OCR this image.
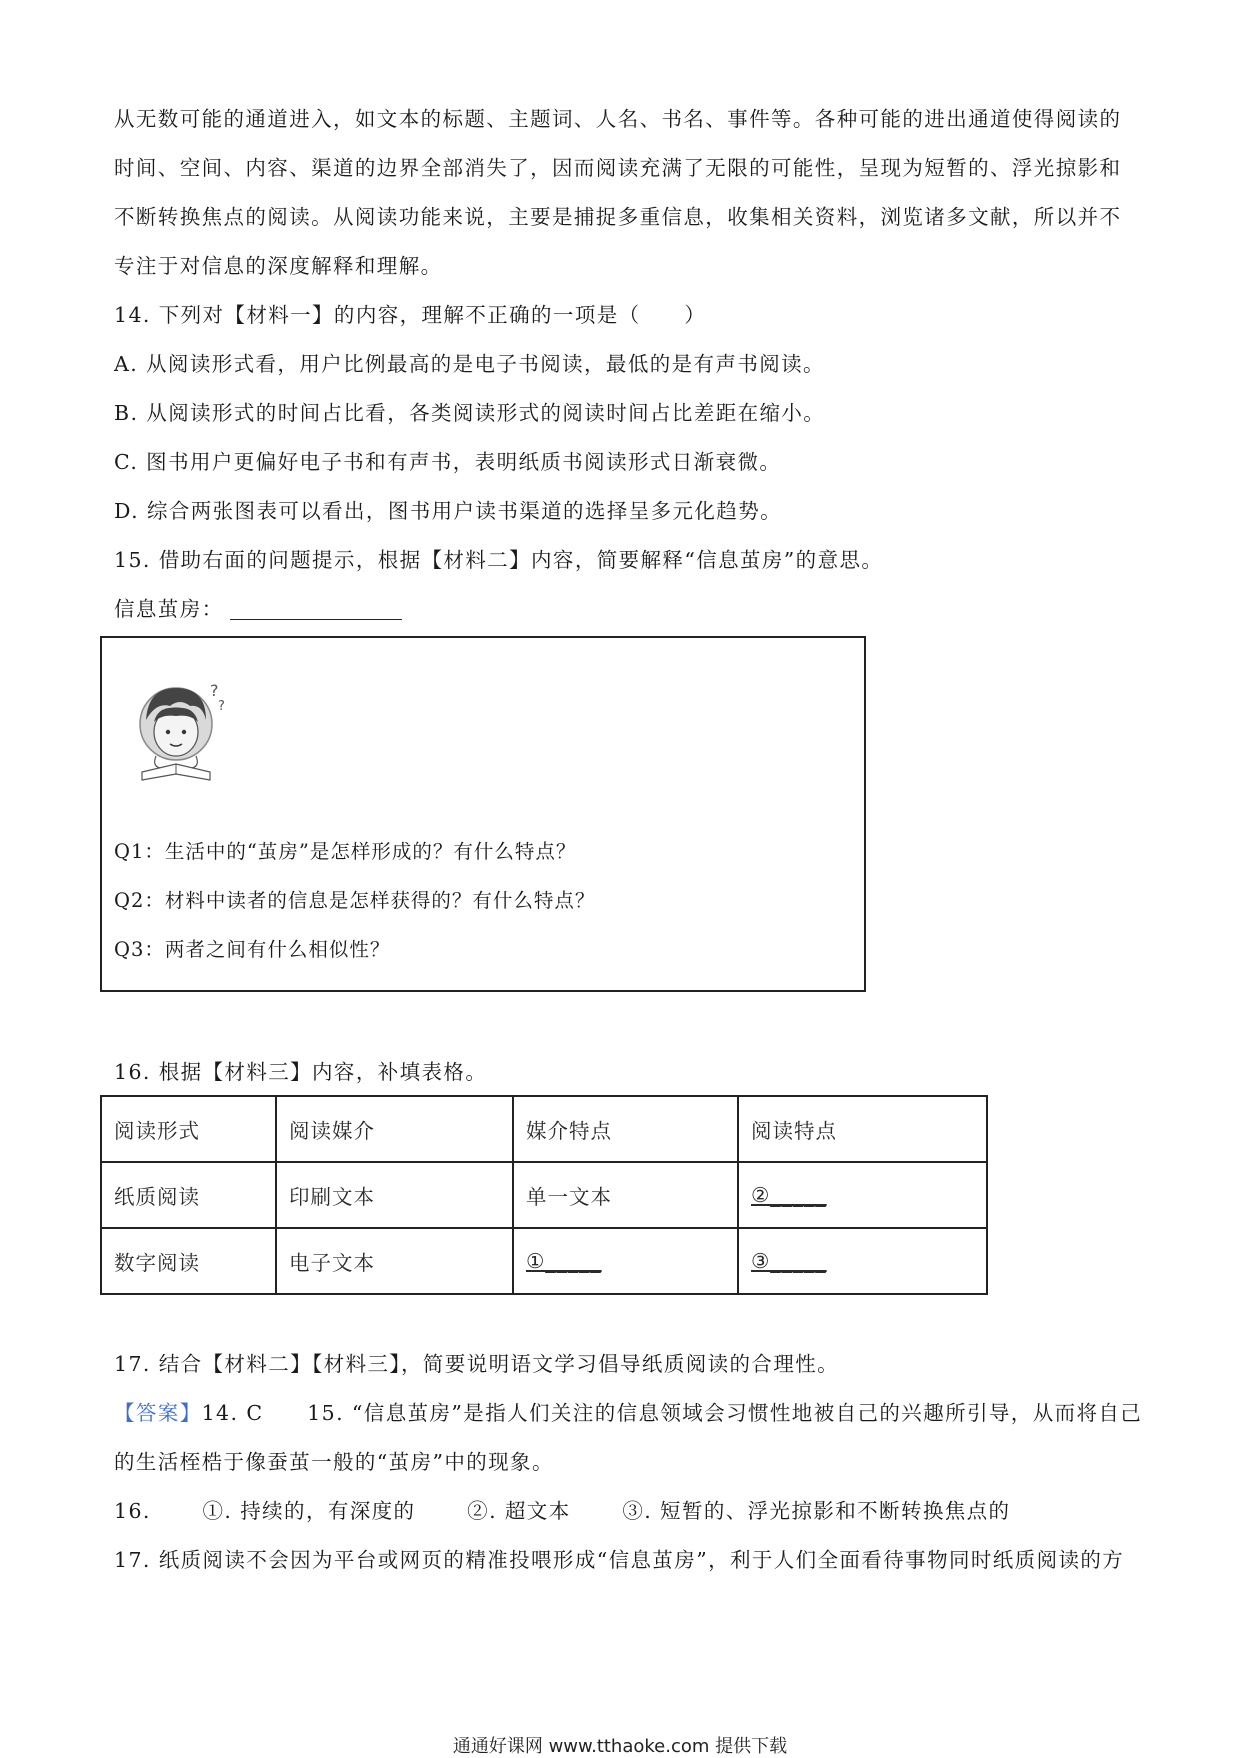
从无数可能的通道进入，如文本的标题、主题词、人名、书名、事件等。各种可能的进出通道使得阅读的
时间、空间、内容、渠道的边界全部消失了，因而阅读充满了无限的可能性，呈现为短暂的、浮光掠影和
不断转换焦点的阅读。从阅读功能来说，主要是捕捉多重信息，收集相关资料，浏览诸多文献，所以并不
专注于对信息的深度解释和理解。
14. 下列对【材料一】的内容，理解不正确的一项是（　　）
A. 从阅读形式看，用户比例最高的是电子书阅读，最低的是有声书阅读。
B. 从阅读形式的时间占比看，各类阅读形式的阅读时间占比差距在缩小。
C. 图书用户更偏好电子书和有声书，表明纸质书阅读形式日渐衰微。
D. 综合两张图表可以看出，图书用户读书渠道的选择呈多元化趋势。
15. 借助右面的问题提示，根据【材料二】内容，简要解释“信息茧房”的意思。
信息茧房：
?
?
Q1：生活中的“茧房”是怎样形成的？有什么特点？
Q2：材料中读者的信息是怎样获得的？有什么特点？
Q3：两者之间有什么相似性？
16. 根据【材料三】内容，补填表格。
阅读形式	阅读媒介	媒介特点	阅读特点
纸质阅读	印刷文本	单一文本	②_____
数字阅读	电子文本	①_____	③_____
17. 结合【材料二】【材料三】，简要说明语文学习倡导纸质阅读的合理性。
【答案】14. C　　15. “信息茧房”是指人们关注的信息领域会习惯性地被自己的兴趣所引导，从而将自己
的生活桎梏于像蚕茧一般的“茧房”中的现象。
16.　　 ①. 持续的，有深度的　　 ②. 超文本　　 ③. 短暂的、浮光掠影和不断转换焦点的
17. 纸质阅读不会因为平台或网页的精准投喂形成“信息茧房”，利于人们全面看待事物同时纸质阅读的方
通通好课网 www.tthaoke.com 提供下载
